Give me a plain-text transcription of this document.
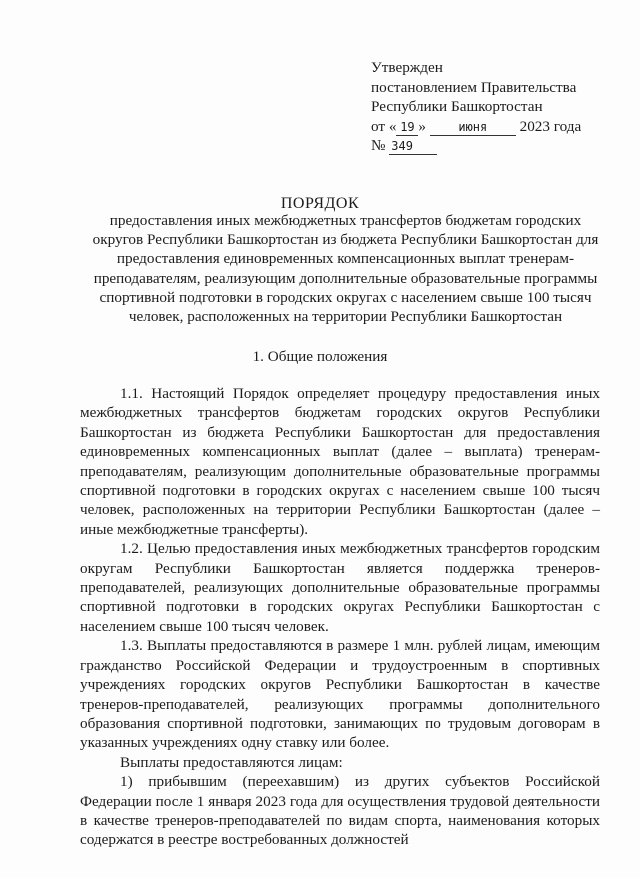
Утвержден
постановлением Правительства
Республики Башкортостан
от « 19 »	июня 2023 года
№ 349
ПОРЯДОК
предоставления иных межбюджетных трансфертов бюджетам городских округов Республики Башкортостан из бюджета Республики Башкортостан для предоставления единовременных компенсационных выплат тренерам-преподавателям, реализующим дополнительные образовательные программы спортивной подготовки в городских округах с населением свыше 100 тысяч человек, расположенных на территории Республики Башкортостан
1. Общие положения

1.1. Настоящий Порядок определяет процедуру предоставления иных межбюджетных трансфертов бюджетам городских округов Республики Башкортостан из бюджета Республики Башкортостан для предоставления единовременных компенсационных выплат (далее – выплата) тренерам-преподавателям, реализующим дополнительные образовательные программы спортивной подготовки в городских округах с населением свыше 100 тысяч человек, расположенных на территории Республики Башкортостан (далее – иные межбюджетные трансферты).

1.2. Целью предоставления иных межбюджетных трансфертов городским округам Республики Башкортостан является поддержка тренеров-преподавателей, реализующих дополнительные образовательные программы спортивной подготовки в городских округах Республики Башкортостан с населением свыше 100 тысяч человек.

1.3. Выплаты предоставляются в размере 1 млн. рублей лицам, имеющим гражданство Российской Федерации и трудоустроенным в спортивных учреждениях городских округов Республики Башкортостан в качестве тренеров-преподавателей, реализующих программы дополнительного образования спортивной подготовки, занимающих по трудовым договорам в указанных учреждениях одну ставку или более.

Выплаты предоставляются лицам:

1) прибывшим (переехавшим) из других субъектов Российской Федерации после 1 января 2023 года для осуществления трудовой деятельности в качестве тренеров-преподавателей по видам спорта, наименования которых содержатся в реестре востребованных должностей
